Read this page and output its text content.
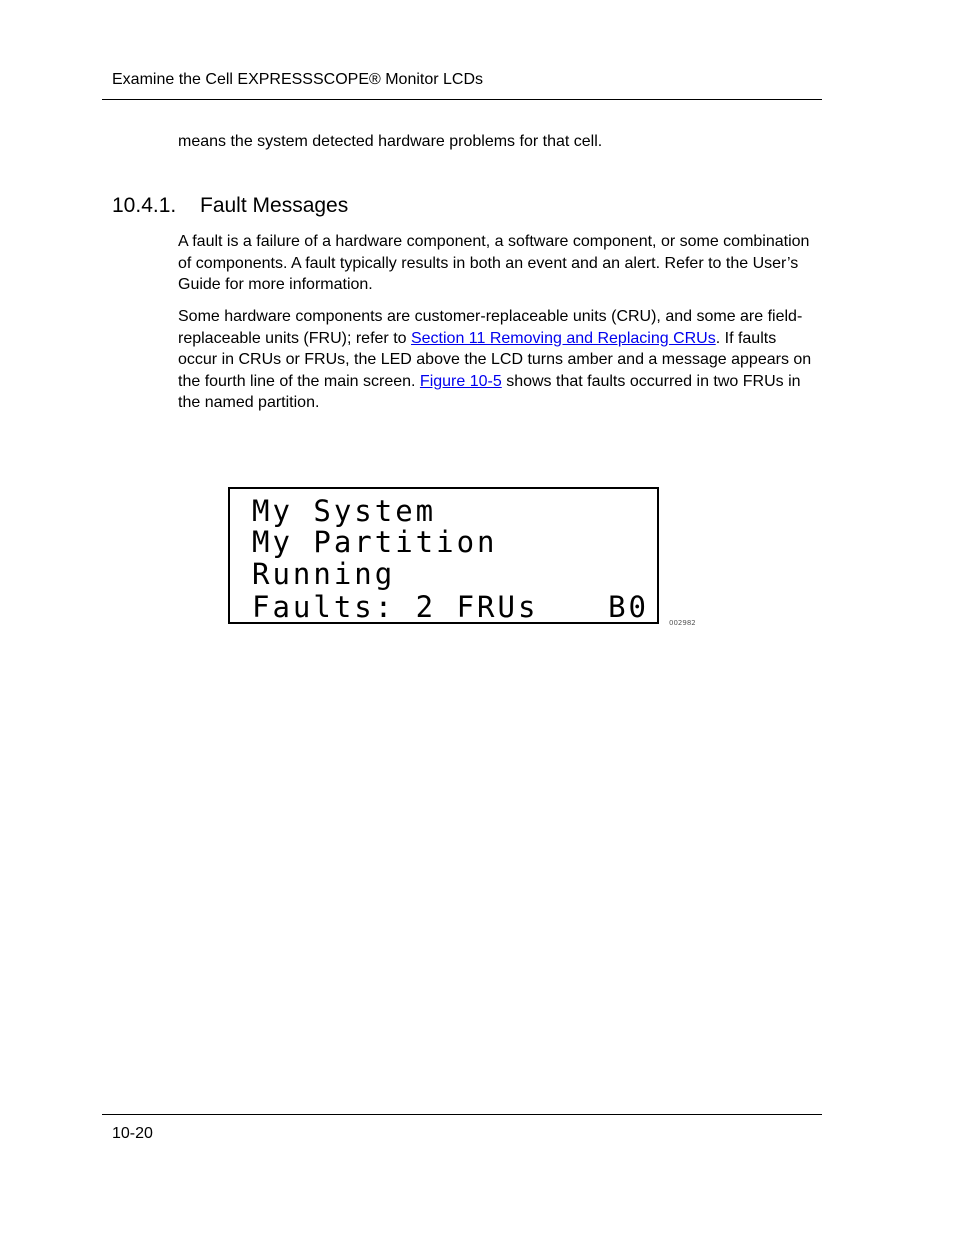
Examine the Cell EXPRESSSCOPE® Monitor LCDs

means the system detected hardware problems for that cell.

10.4.1. Fault Messages

A fault is a failure of a hardware component, a software component, or some combination of components. A fault typically results in both an event and an alert. Refer to the User’s Guide for more information.

Some hardware components are customer-replaceable units (CRU), and some are field-replaceable units (FRU); refer to Section 11 Removing and Replacing CRUs. If faults occur in CRUs or FRUs, the LED above the LCD turns amber and a message appears on the fourth line of the main screen. Figure 10-5 shows that faults occurred in two FRUs in the named partition.

My System
My Partition
Running
Faults: 2 FRUs B0	002982
10-20
